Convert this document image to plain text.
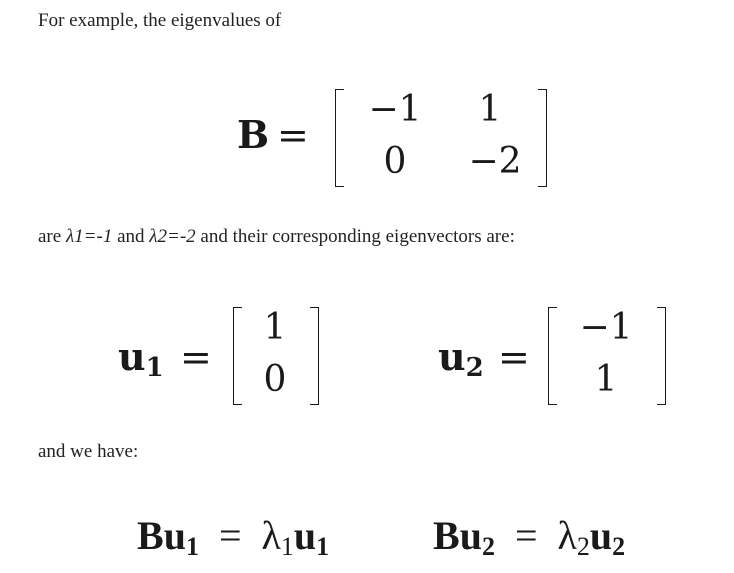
For example, the eigenvalues of
B =
−1	1
0	−2
are λ1=-1 and λ2=-2 and their corresponding eigenvectors are:
$u_1$ =
1
0
$u_2$ =
−1
1
and we have:
$Bu_1 = \lambda_1u_1$	$Bu_2 = \lambda_2u_2$
